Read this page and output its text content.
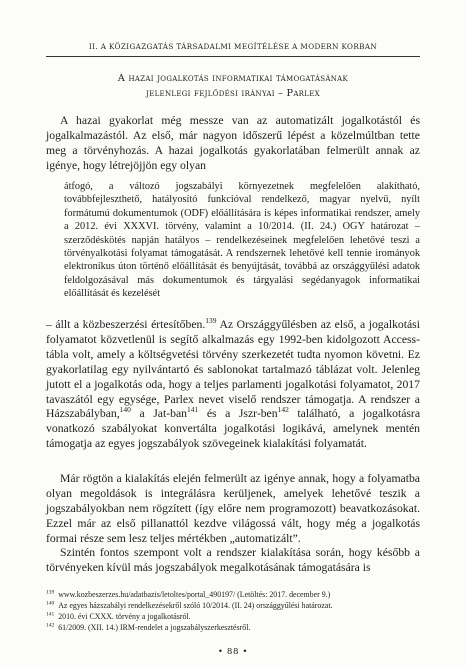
II. A KÖZIGAZGATÁS TÁRSADALMI MEGÍTÉLÉSE A MODERN KORBAN
A hazai jogalkotás informatikai támogatásának
jelenlegi fejlődési irányai – Parlex

A hazai gyakorlat még messze van az automatizált jogalkotástól és jogalkalmazástól. Az első, már nagyon időszerű lépést a közelmúltban tette meg a törvényhozás. A hazai jogalkotás gyakorlatában felmerült annak az igénye, hogy létrejöjjön egy olyan

átfogó, a változó jogszabályi környezetnek megfelelően alakítható, továbbfejleszthető, hatályosító funkcióval rendelkező, magyar nyelvű, nyílt formátumú dokumentumok (ODF) előállítására is képes informatikai rendszer, amely a 2012. évi XXXVI. törvény, valamint a 10/2014. (II. 24.) OGY határozat – szerződéskötés napján hatályos – rendelkezéseinek megfelelően lehetővé teszi a törvényalkotási folyamat támogatását. A rendszernek lehetővé kell tennie irományok elektronikus úton történő előállítását és benyújtását, továbbá az országgyűlési adatok feldolgozásával más dokumentumok és tárgyalási segédanyagok informatikai előállítását és kezelését

– állt a közbeszerzési értesítőben.$^{139}$ Az Országgyűlésben az első, a jogalkotási folyamatot közvetlenül is segítő alkalmazás egy 1992-ben kidolgozott Access-tábla volt, amely a költségvetési törvény szerkezetét tudta nyomon követni. Ez gyakorlatilag egy nyilvántartó és sablonokat tartalmazó táblázat volt. Jelenleg jutott el a jogalkotás oda, hogy a teljes parlamenti jogalkotási folyamatot, 2017 tavaszától egy egysége, Parlex nevet viselő rendszer támogatja. A rendszer a Házszabályban,$^{140}$ a Jat-ban$^{141}$ és a Jszr-ben$^{142}$ található, a jogalkotásra vonatkozó szabályokat konvertálta jogalkotási logikává, amelynek mentén támogatja az egyes jogszabályok szövegeinek kialakítási folyamatát.

Már rögtön a kialakítás elején felmerült az igénye annak, hogy a folyamatba olyan megoldások is integrálásra kerüljenek, amelyek lehetővé teszik a jogszabályokban nem rögzített (így előre nem programozott) beavatkozásokat. Ezzel már az első pillanattól kezdve világossá vált, hogy még a jogalkotás formai része sem lesz teljes mértékben „automatizált”.

Szintén fontos szempont volt a rendszer kialakítása során, hogy később a törvényeken kívül más jogszabályok megalkotásának támogatására is

$^{139}$ www.kozbeszerzes.hu/adatbazis/letoltes/portal_490197/ (Letöltés: 2017. december 9.)
$^{140}$ Az egyes házszabályi rendelkezésekről szóló 10/2014. (II. 24) országgyűlési határozat.
$^{141}$ 2010. évi CXXX. törvény a jogalkotásról.
$^{142}$ 61/2009. (XII. 14.) IRM-rendelet a jogszabályszerkesztésről.
• 88 •
